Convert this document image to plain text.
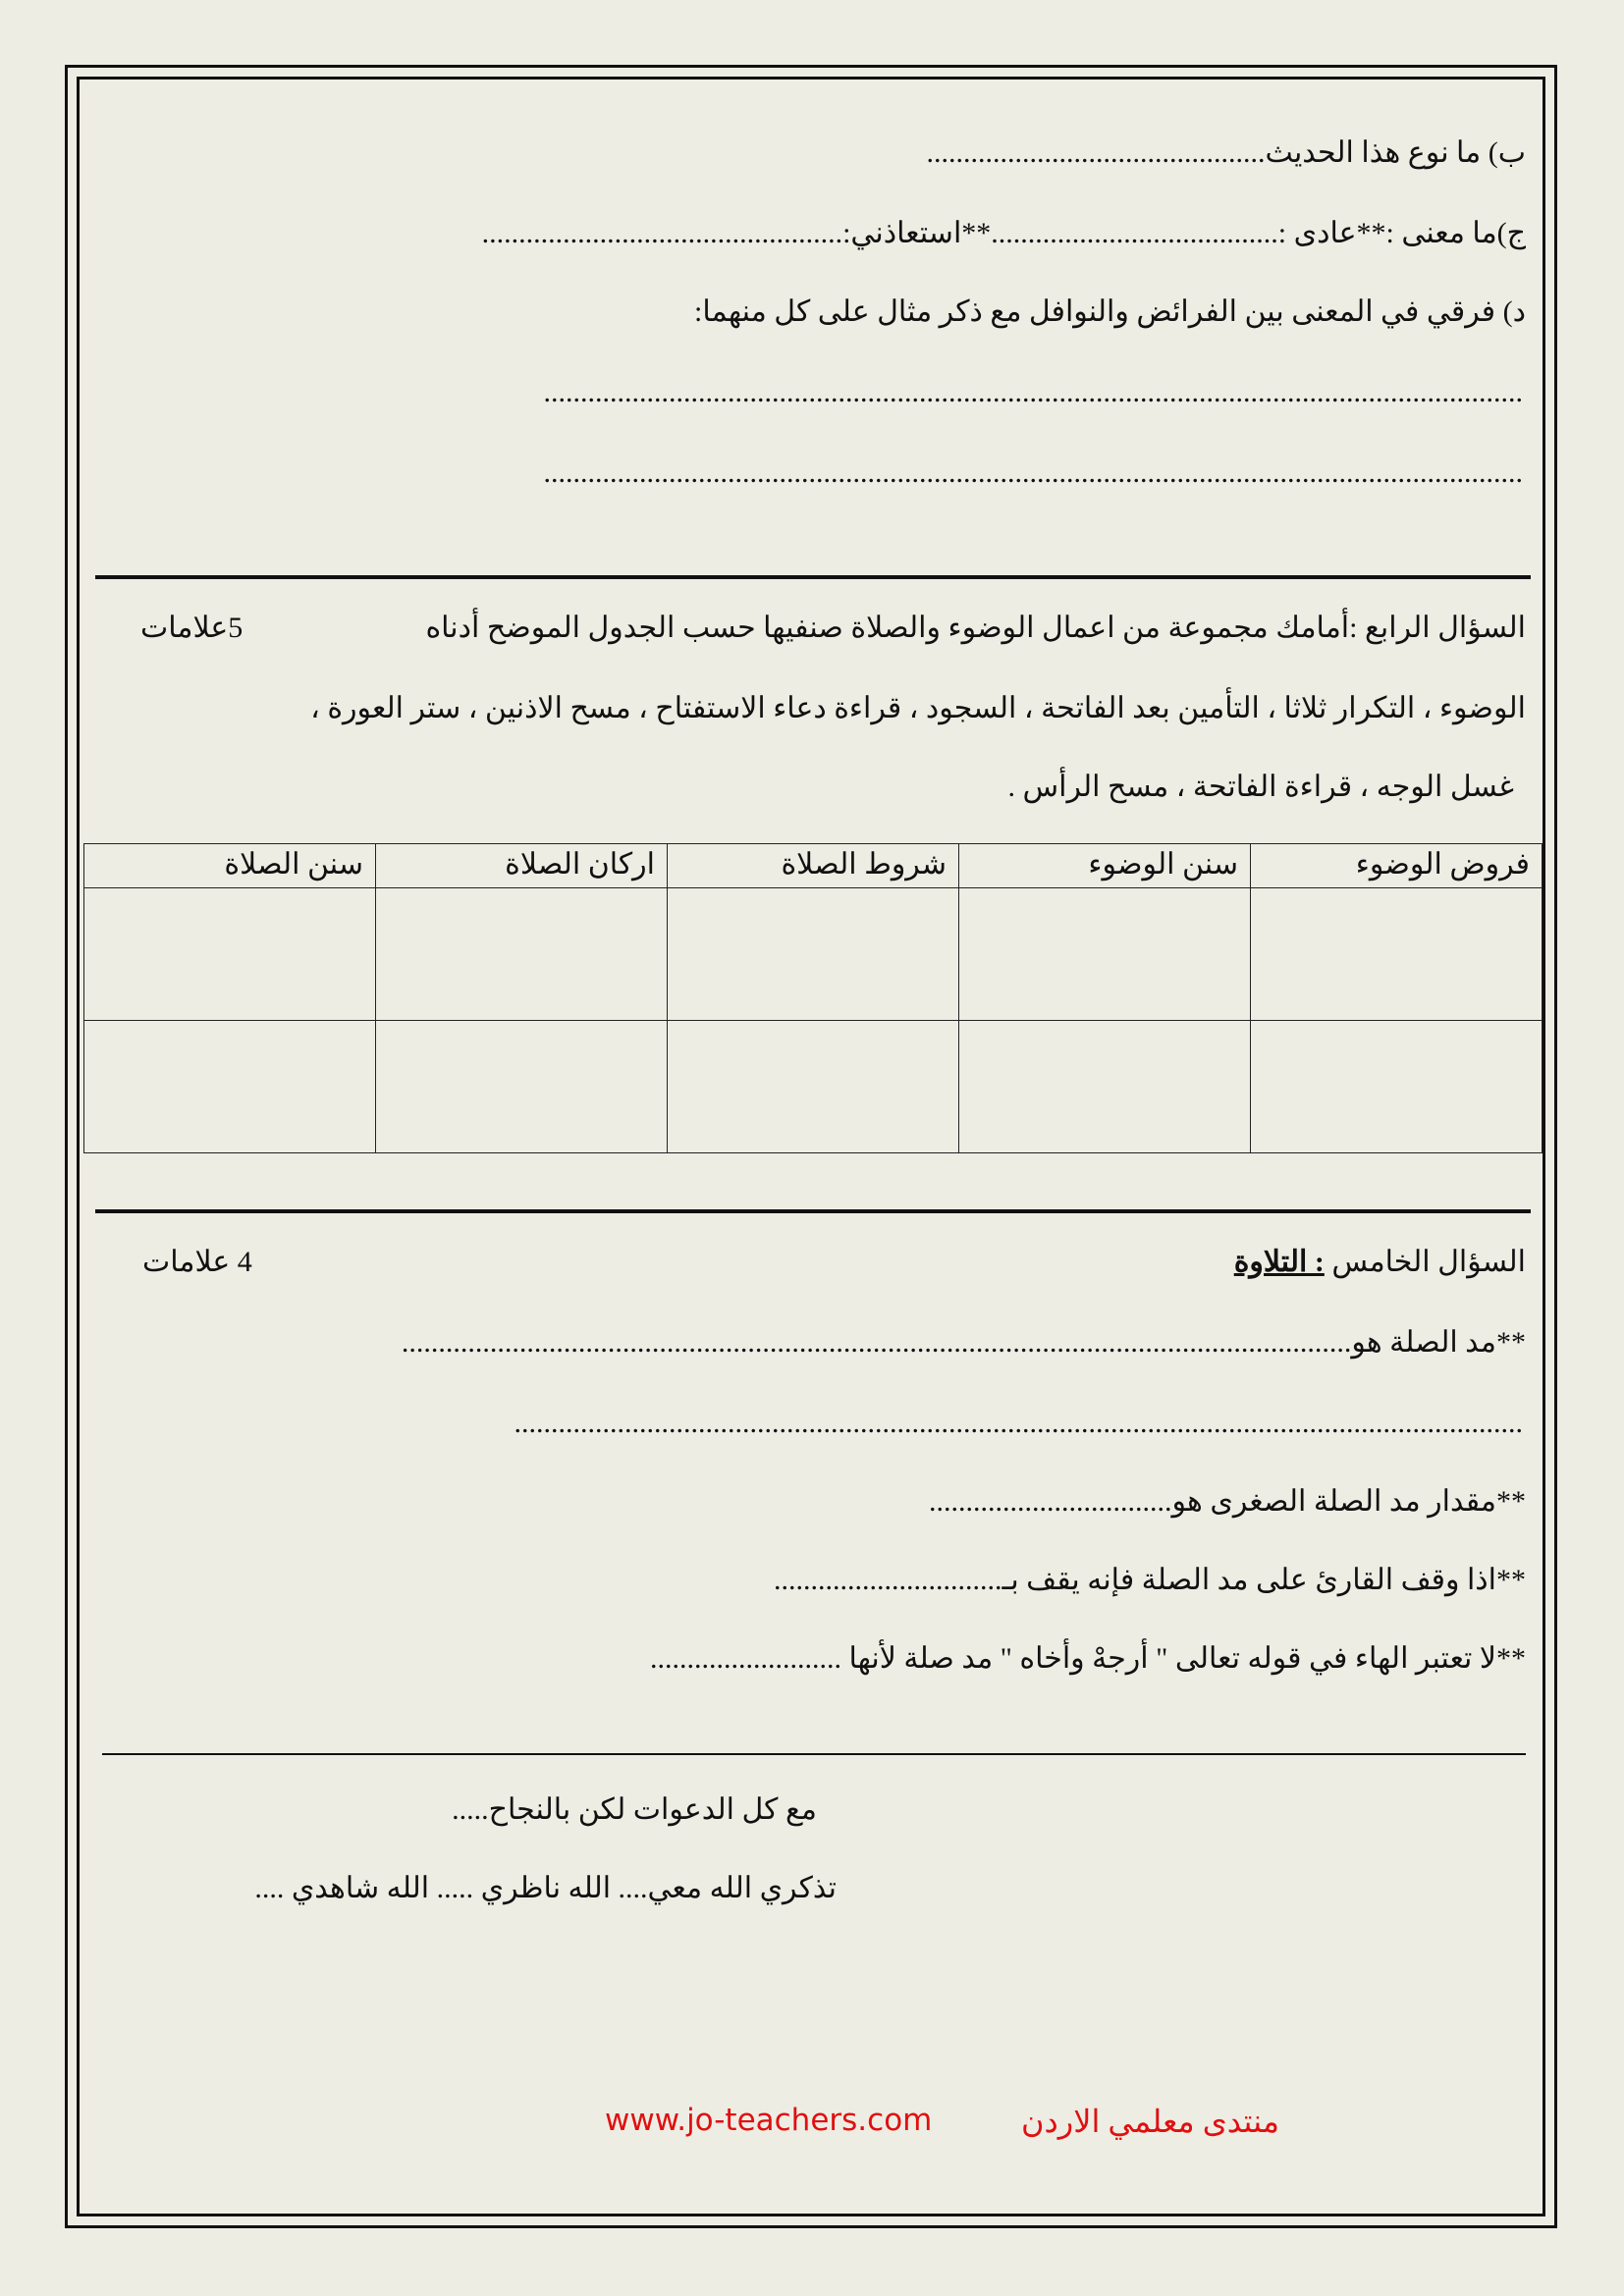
ب) ما نوع هذا الحديث..............................................
ج)ما معنى :**عادى :.......................................**استعاذني:.................................................
د) فرقي في المعنى بين الفرائض والنوافل مع ذكر مثال على كل منهما:
.....................................................................................................................................
.....................................................................................................................................
السؤال الرابع :أمامك مجموعة من اعمال الوضوء والصلاة صنفيها حسب الجدول الموضح أدناه
5علامات
الوضوء ، التكرار ثلاثا ، التأمين بعد الفاتحة ، السجود ، قراءة دعاء الاستفتاح ، مسح الاذنين ، ستر العورة ،
غسل الوجه ، قراءة الفاتحة ، مسح الرأس .
فروض الوضوء	سنن الوضوء	شروط الصلاة	اركان الصلاة	سنن الصلاة

السؤال الخامس : التلاوة
4 علامات
**مد الصلة هو.................................................................................................................................
.........................................................................................................................................
**مقدار مد الصلة الصغرى هو.................................
**اذا وقف القارئ على مد الصلة فإنه يقف بـ...............................
**لا تعتبر الهاء في قوله تعالى " أرجهْ وأخاه " مد صلة لأنها ..........................
مع كل الدعوات لكن بالنجاح.....
تذكري الله معي.... الله ناظري ..... الله شاهدي ....
www.jo-teachers.com	منتدى معلمي الاردن
